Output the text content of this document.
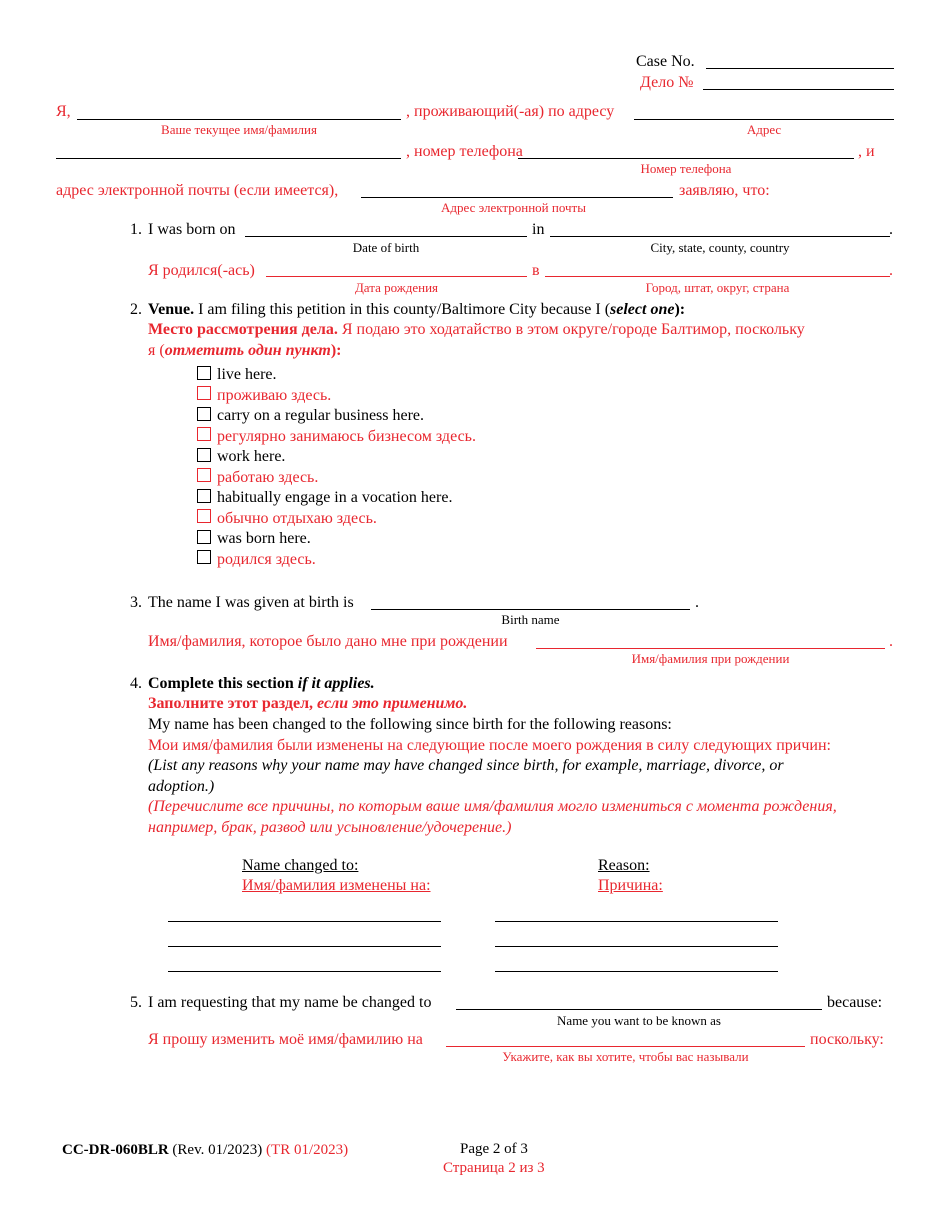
Case No.
Дело №
Я,	, проживающий(-ая) по адресу
Ваше текущее имя/фамилия	Адрес
, номер телефона	, и
Номер телефона
адрес электронной почты (если имеется),	заявляю, что:
Адрес электронной почты
1. I was born on	in	.
Date of birth	City, state, county, country
Я родился(-ась)	в	.
Дата рождения	Город, штат, округ, страна
2. Venue. I am filing this petition in this county/Baltimore City because I (select one):
Место рассмотрения дела. Я подаю это ходатайство в этом округе/городе Балтимор, поскольку
я (отметить один пункт):
live here.
проживаю здесь.
carry on a regular business here.
регулярно занимаюсь бизнесом здесь.
work here.
работаю здесь.
habitually engage in a vocation here.
обычно отдыхаю здесь.
was born here.
родился здесь.
3. The name I was given at birth is	.
Birth name
Имя/фамилия, которое было дано мне при рождении	.
Имя/фамилия при рождении
4. Complete this section if it applies.
Заполните этот раздел, если это применимо.
My name has been changed to the following since birth for the following reasons:
Мои имя/фамилия были изменены на следующие после моего рождения в силу следующих причин:
(List any reasons why your name may have changed since birth, for example, marriage, divorce, or
adoption.)
(Перечислите все причины, по которым ваше имя/фамилия могло измениться с момента рождения,
например, брак, развод или усыновление/удочерение.)
Name changed to:
Имя/фамилия изменены на:
Reason:
Причина:
5. I am requesting that my name be changed to	because:
Name you want to be known as
Я прошу изменить моё имя/фамилию на	поскольку:
Укажите, как вы хотите, чтобы вас называли
CC-DR-060BLR (Rev. 01/2023) (TR 01/2023)	Page 2 of 3
Страница 2 из 3
